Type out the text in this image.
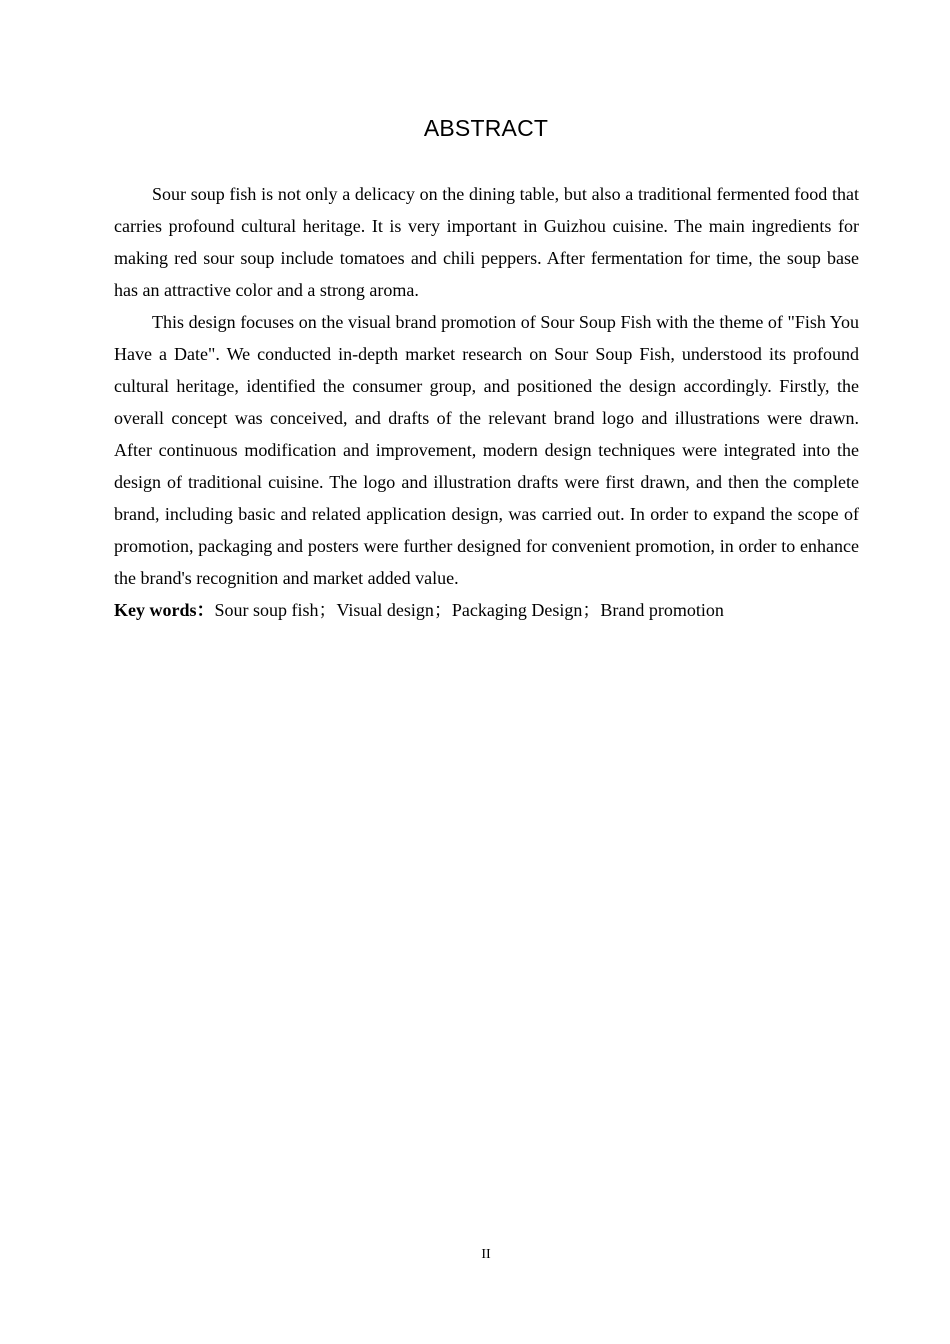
ABSTRACT

Sour soup fish is not only a delicacy on the dining table, but also a traditional fermented food that carries profound cultural heritage. It is very important in Guizhou cuisine. The main ingredients for making red sour soup include tomatoes and chili peppers. After fermentation for time, the soup base has an attractive color and a strong aroma.

This design focuses on the visual brand promotion of Sour Soup Fish with the theme of "Fish You Have a Date". We conducted in-depth market research on Sour Soup Fish, understood its profound cultural heritage, identified the consumer group, and positioned the design accordingly. Firstly, the overall concept was conceived, and drafts of the relevant brand logo and illustrations were drawn. After continuous modification and improvement, modern design techniques were integrated into the design of traditional cuisine. The logo and illustration drafts were first drawn, and then the complete brand, including basic and related application design, was carried out. In order to expand the scope of promotion, packaging and posters were further designed for convenient promotion, in order to enhance the brand's recognition and market added value.

Key words：Sour soup fish；Visual design；Packaging Design；Brand promotion

II
